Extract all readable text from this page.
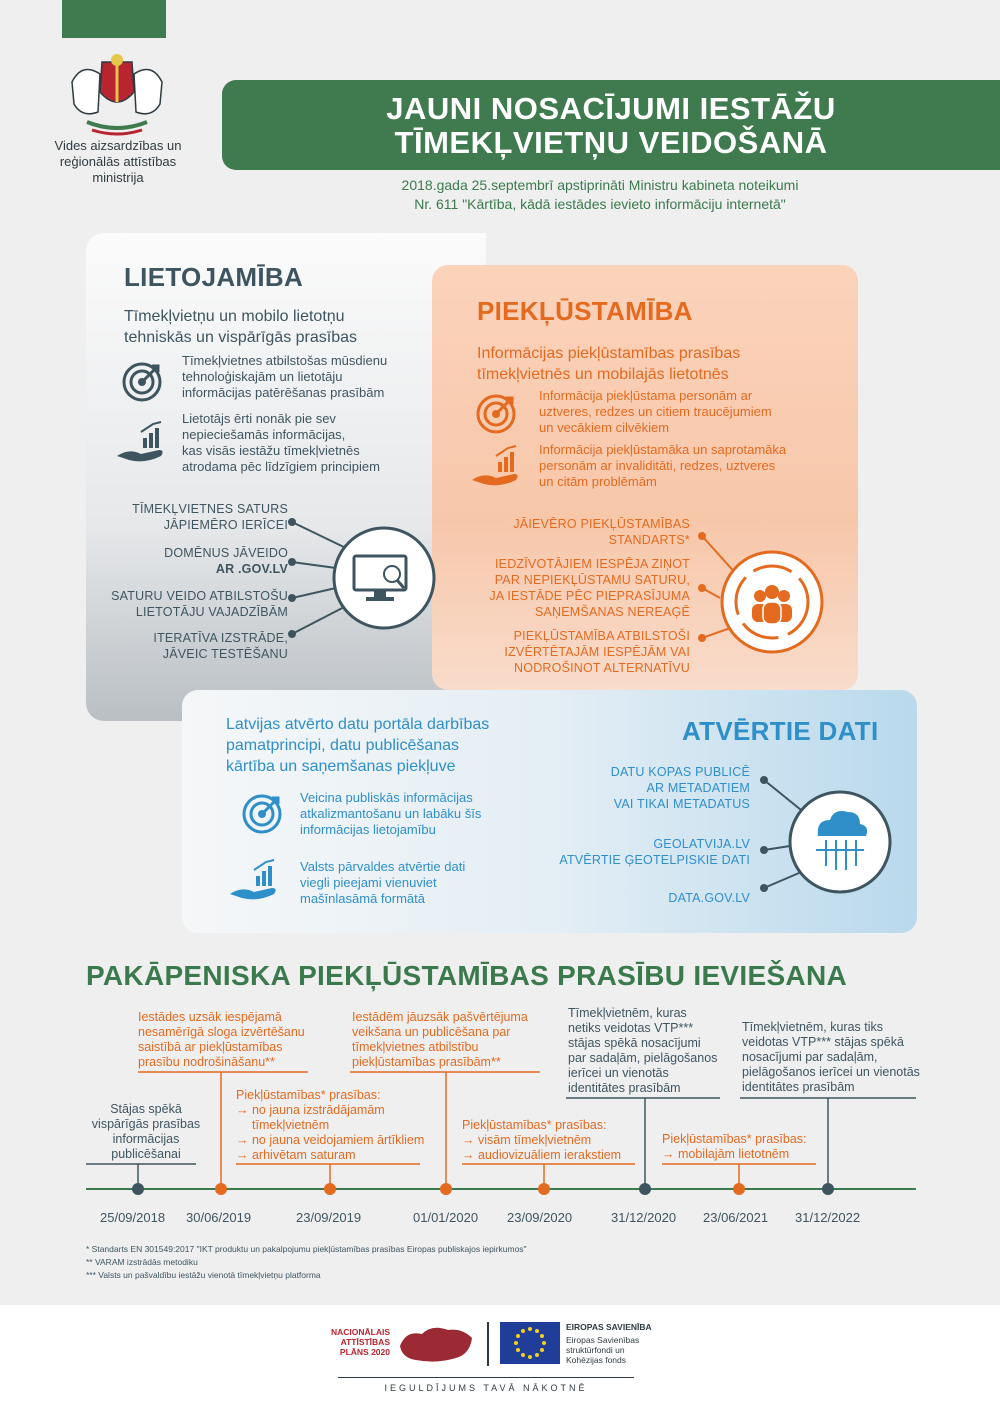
Vides aizsardzības un
reģionālās attīstības
ministrija
JAUNI NOSACĪJUMI IESTĀŽU
TĪMEKĻVIETŅU VEIDOŠANĀ
2018.gada 25.septembrī apstiprināti Ministru kabineta noteikumi
Nr. 611 "Kārtība, kādā iestādes ievieto informāciju internetā"
LIETOJAMĪBA
Tīmekļvietņu un mobilo lietotņu
tehniskās un vispārīgās prasības
Tīmekļvietnes atbilstošas mūsdienu
tehnoloģiskajām un lietotāju
informācijas patērēšanas prasībām
Lietotājs ērti nonāk pie sev
nepieciešamās informācijas,
kas visās iestāžu tīmekļvietnēs
atrodama pēc līdzīgiem principiem
TĪMEKĻVIETNES SATURS
JĀPIEMĒRO IERĪCEI
DOMĒNUS JĀVEIDO
AR .GOV.LV
SATURU VEIDO ATBILSTOŠU
LIETOTĀJU VAJADZĪBĀM
ITERATĪVA IZSTRĀDE,
JĀVEIC TESTĒŠANU
PIEKĻŪSTAMĪBA
Informācijas piekļūstamības prasības
tīmekļvietnēs un mobilajās lietotnēs
Informācija piekļūstama personām ar
uztveres, redzes un citiem traucējumiem
un vecākiem cilvēkiem
Informācija piekļūstamāka un saprotamāka
personām ar invaliditāti, redzes, uztveres
un citām problēmām
JĀIEVĒRO PIEKĻŪSTAMĪBAS
STANDARTS*
IEDZĪVOTĀJIEM IESPĒJA ZIŅOT
PAR NEPIEKĻŪSTAMU SATURU,
JA IESTĀDE PĒC PIEPRASĪJUMA
SAŅEMŠANAS NEREAĢĒ
PIEKĻŪSTAMĪBA ATBILSTOŠI
IZVĒRTĒTAJĀM IESPĒJĀM VAI
NODROŠINOT ALTERNATĪVU
Latvijas atvērto datu portāla darbības
pamatprincipi, datu publicēšanas
kārtība un saņemšanas piekļuve
ATVĒRTIE DATI
Veicina publiskās informācijas
atkalizmantošanu un labāku šīs
informācijas lietojamību
Valsts pārvaldes atvērtie dati
viegli pieejami vienuviet
mašīnlasāmā formātā
DATU KOPAS PUBLICĒ
AR METADATIEM
VAI TIKAI METADATUS
GEOLATVIJA.LV
ATVĒRTIE ĢEOTELPISKIE DATI
DATA.GOV.LV
PAKĀPENISKA PIEKĻŪSTAMĪBAS PRASĪBU IEVIEŠANA
Stājas spēkā
vispārīgās prasības
informācijas
publicēšanai
Iestādes uzsāk iespējamā
nesamērīgā sloga izvērtēšanu
saistībā ar piekļūstamības
prasību nodrošināšanu**
Piekļūstamības* prasības:
→ no jauna izstrādājamām
tīmekļvietnēm
→ no jauna veidojamiem ārtīkliem
→ arhivētam saturam
Iestādēm jāuzsāk pašvērtējuma
veikšana un publicēšana par
tīmekļvietnes atbilstību
piekļūstamības prasībām**
Piekļūstamības* prasības:
→ visām tīmekļvietnēm
→ audiovizuāliem ierakstiem
Tīmekļvietnēm, kuras
netiks veidotas VTP***
stājas spēkā nosacījumi
par sadaļām, pielāgošanos
ierīcei un vienotās
identitātes prasībām
Piekļūstamības* prasības:
→ mobilajām lietotnēm
Tīmekļvietnēm, kuras tiks
veidotas VTP*** stājas spēkā
nosacījumi par sadaļām,
pielāgošanos ierīcei un vienotās
identitātes prasībām
25/09/2018 30/06/2019	23/09/2019	01/01/2020 23/09/2020	31/12/2020 23/06/2021 31/12/2022
* Standarts EN 301549:2017 "IKT produktu un pakalpojumu piekļūstamības prasības Eiropas publiskajos iepirkumos"
** VARAM izstrādās metodiku
*** Valsts un pašvaldību iestāžu vienotā tīmekļvietņu platforma
NACIONĀLAIS
ATTĪSTĪBAS
PLĀNS 2020
EIROPAS SAVIENĪBA
Eiropas Savienības
struktūrfondi un
Kohēzijas fonds
IEGULDĪJUMS TAVĀ NĀKOTNĒ
